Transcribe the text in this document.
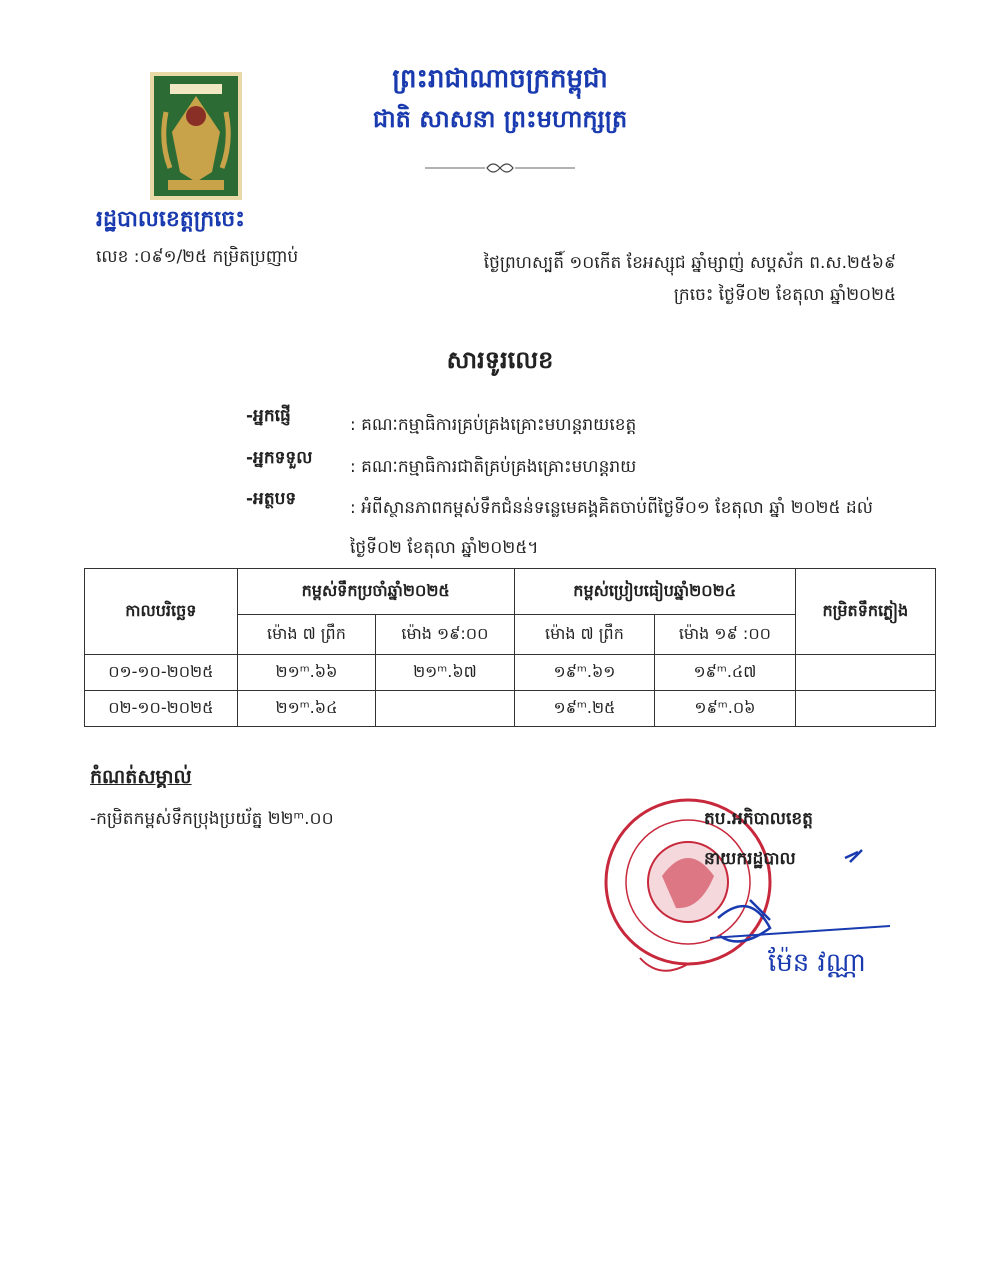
ព្រះរាជាណាចក្រកម្ពុជា
ជាតិ សាសនា ព្រះមហាក្សត្រ
រដ្ឋបាលខេត្តក្រចេះ
លេខ :០៩១/២៥ កម្រិតប្រញាប់	ថ្ងៃព្រហស្បតិ៍ ១០កើត ខែអស្សុជ ឆ្នាំម្សាញ់ សប្តស័ក ព.ស.២៥៦៩
ក្រចេះ ថ្ងៃទី០២ ខែតុលា ឆ្នាំ២០២៥
សារទូរលេខ
-អ្នកផ្ញើ	: គណៈកម្មាធិការគ្រប់គ្រងគ្រោះមហន្តរាយខេត្ត
-អ្នកទទួល	: គណៈកម្មាធិការជាតិគ្រប់គ្រងគ្រោះមហន្តរាយ
-អត្ថបទ	: អំពីស្ថានភាពកម្ពស់ទឹកជំនន់ទន្លេមេគង្គគិតចាប់ពីថ្ងៃទី០១ ខែតុលា ឆ្នាំ ២០២៥ ដល់ថ្ងៃទី០២ ខែតុលា ឆ្នាំ២០២៥។
កាលបរិច្ឆេទ	កម្ពស់ទឹកប្រចាំឆ្នាំ២០២៥		កម្ពស់ប្រៀបធៀបឆ្នាំ២០២៤		កម្រិតទឹកភ្លៀង
	ម៉ោង ៧ ព្រឹក	ម៉ោង ១៩:០០	ម៉ោង ៧ ព្រឹក	ម៉ោង ១៩ :០០	
០១-១០-២០២៥	២១ᵐ.៦៦	២១ᵐ.៦៧	១៩ᵐ.៦១	១៩ᵐ.៤៧	
០២-១០-២០២៥	២១ᵐ.៦៤		១៩ᵐ.២៥	១៩ᵐ.០៦	
កំណត់សម្គាល់
-កម្រិតកម្ពស់ទឹកប្រុងប្រយ័ត្ន ២២ᵐ.០០	តប.អភិបាលខេត្ត
នាយករដ្ឋបាល
ម៉ែន វណ្ណា
